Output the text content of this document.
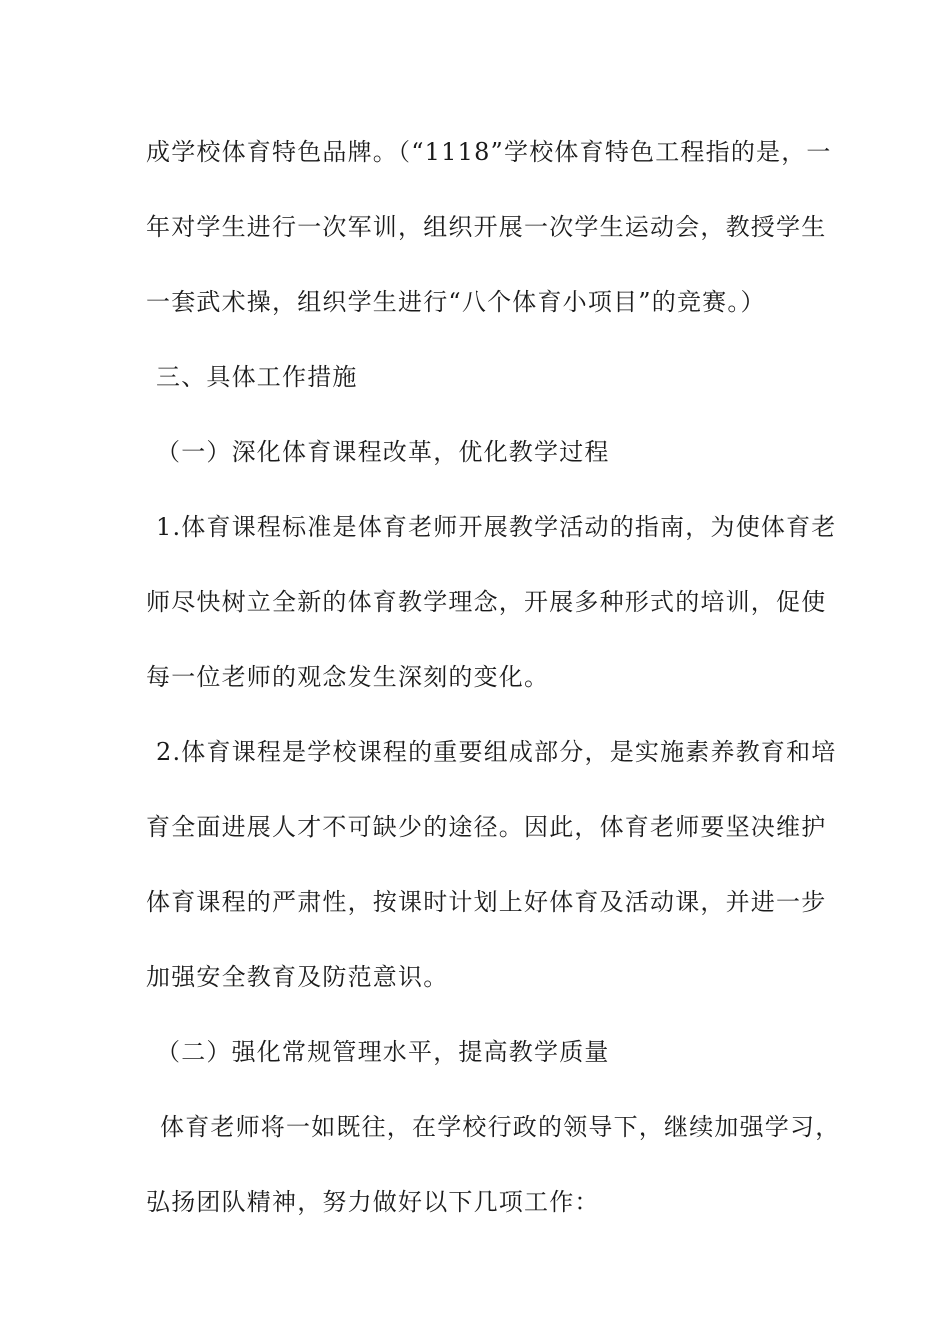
成学校体育特色品牌。（“1118”学校体育特色工程指的是，一
年对学生进行一次军训，组织开展一次学生运动会，教授学生
一套武术操，组织学生进行“八个体育小项目”的竞赛。）
三、具体工作措施
（一）深化体育课程改革，优化教学过程
1.体育课程标准是体育老师开展教学活动的指南，为使体育老
师尽快树立全新的体育教学理念，开展多种形式的培训，促使
每一位老师的观念发生深刻的变化。
2.体育课程是学校课程的重要组成部分，是实施素养教育和培
育全面进展人才不可缺少的途径。因此，体育老师要坚决维护
体育课程的严肃性，按课时计划上好体育及活动课，并进一步
加强安全教育及防范意识。
（二）强化常规管理水平，提高教学质量
体育老师将一如既往，在学校行政的领导下，继续加强学习，
弘扬团队精神，努力做好以下几项工作：
